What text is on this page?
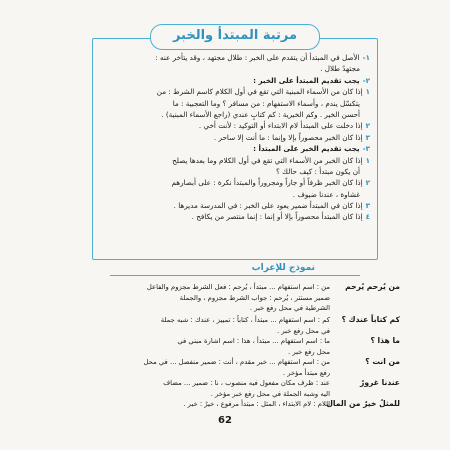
مرتبة المبتدأ والخبر
١-الأصل في المبتدأ أن يتقدم على الخبر : طلال مجتهد ، وقد يتأخر عنه :
مجتهدٌ طلال .
٢-يجب تقديم المبتدأ على الخبر :
١إذا كان من الأسماء المبنية التي تقع في أول الكلام كاسم الشرط : من
يتكسّل يندم ، وأسماء الاستفهام : من مسافر ؟ وما التعجبية : ما
أحسن الخير . وكم الخبرية : كم كتابٍ عندي (راجع الأسماء المبنية) .
٢إذا دخلت على المبتدأ لام الابتداء أو التوكيد : لأنت أخي .
٣إذا كان الخبر محصوراً بإلا وإنما : ما أنت إلا ساحر .
٣-يجب تقديم الخبر على المبتدأ :
١إذا كان الخبر من الأسماء التي تقع في أول الكلام وما بعدها يصلح
أن يكون مبتدأ : كيف حالك ؟
٢إذا كان الخبر ظرفاً أو جاراً ومجروراً والمبتدأ نكرة : على أبصارهم
غشاوة ، عندنا ضيوف .
٣إذا كان في المبتدأ ضمير يعود على الخبر : في المدرسة مديرها .
٤إذا كان المبتدأ محصوراً بإلا أو إنما : إنما منتصر من يكافح .
نموذج للإعراب
من يُرحم يُرحم
من : اسم استفهام ... مبتدأ ، يُرحم : فعل الشرط مجزوم والفاعل
ضمير مستتر ، يُرحم : جواب الشرط مجزوم ، والجملة
الشرطية في محل رفع خبر .
كم كتاباً عندك ؟
كم : اسم استفهام ... مبتدأ ، كتاباً : تمييز ، عندك : شبه جملة
في محل رفع خبر .
ما هذا ؟
ما : اسم استفهام ... مبتدأ ، هذا : اسم اشارة مبني في
محل رفع خبر .
من انت ؟
من : اسم استفهام ... خبر مقدم ، أنت : ضمير منفصل ... في محل
رفع مبتدأ مؤخر .
عندنا غرورٌ
عند : ظرف مكان مفعول فيه منصوب ، نا : ضمير ... مضاف
اليه وشبه الجملة في محل رفع خبر مؤخر .
للمثلُ خيرٌ من المال
اللام : لام الابتداء ، المثل : مبتدأ مرفوع ، خيرٌ : خبر .
62
